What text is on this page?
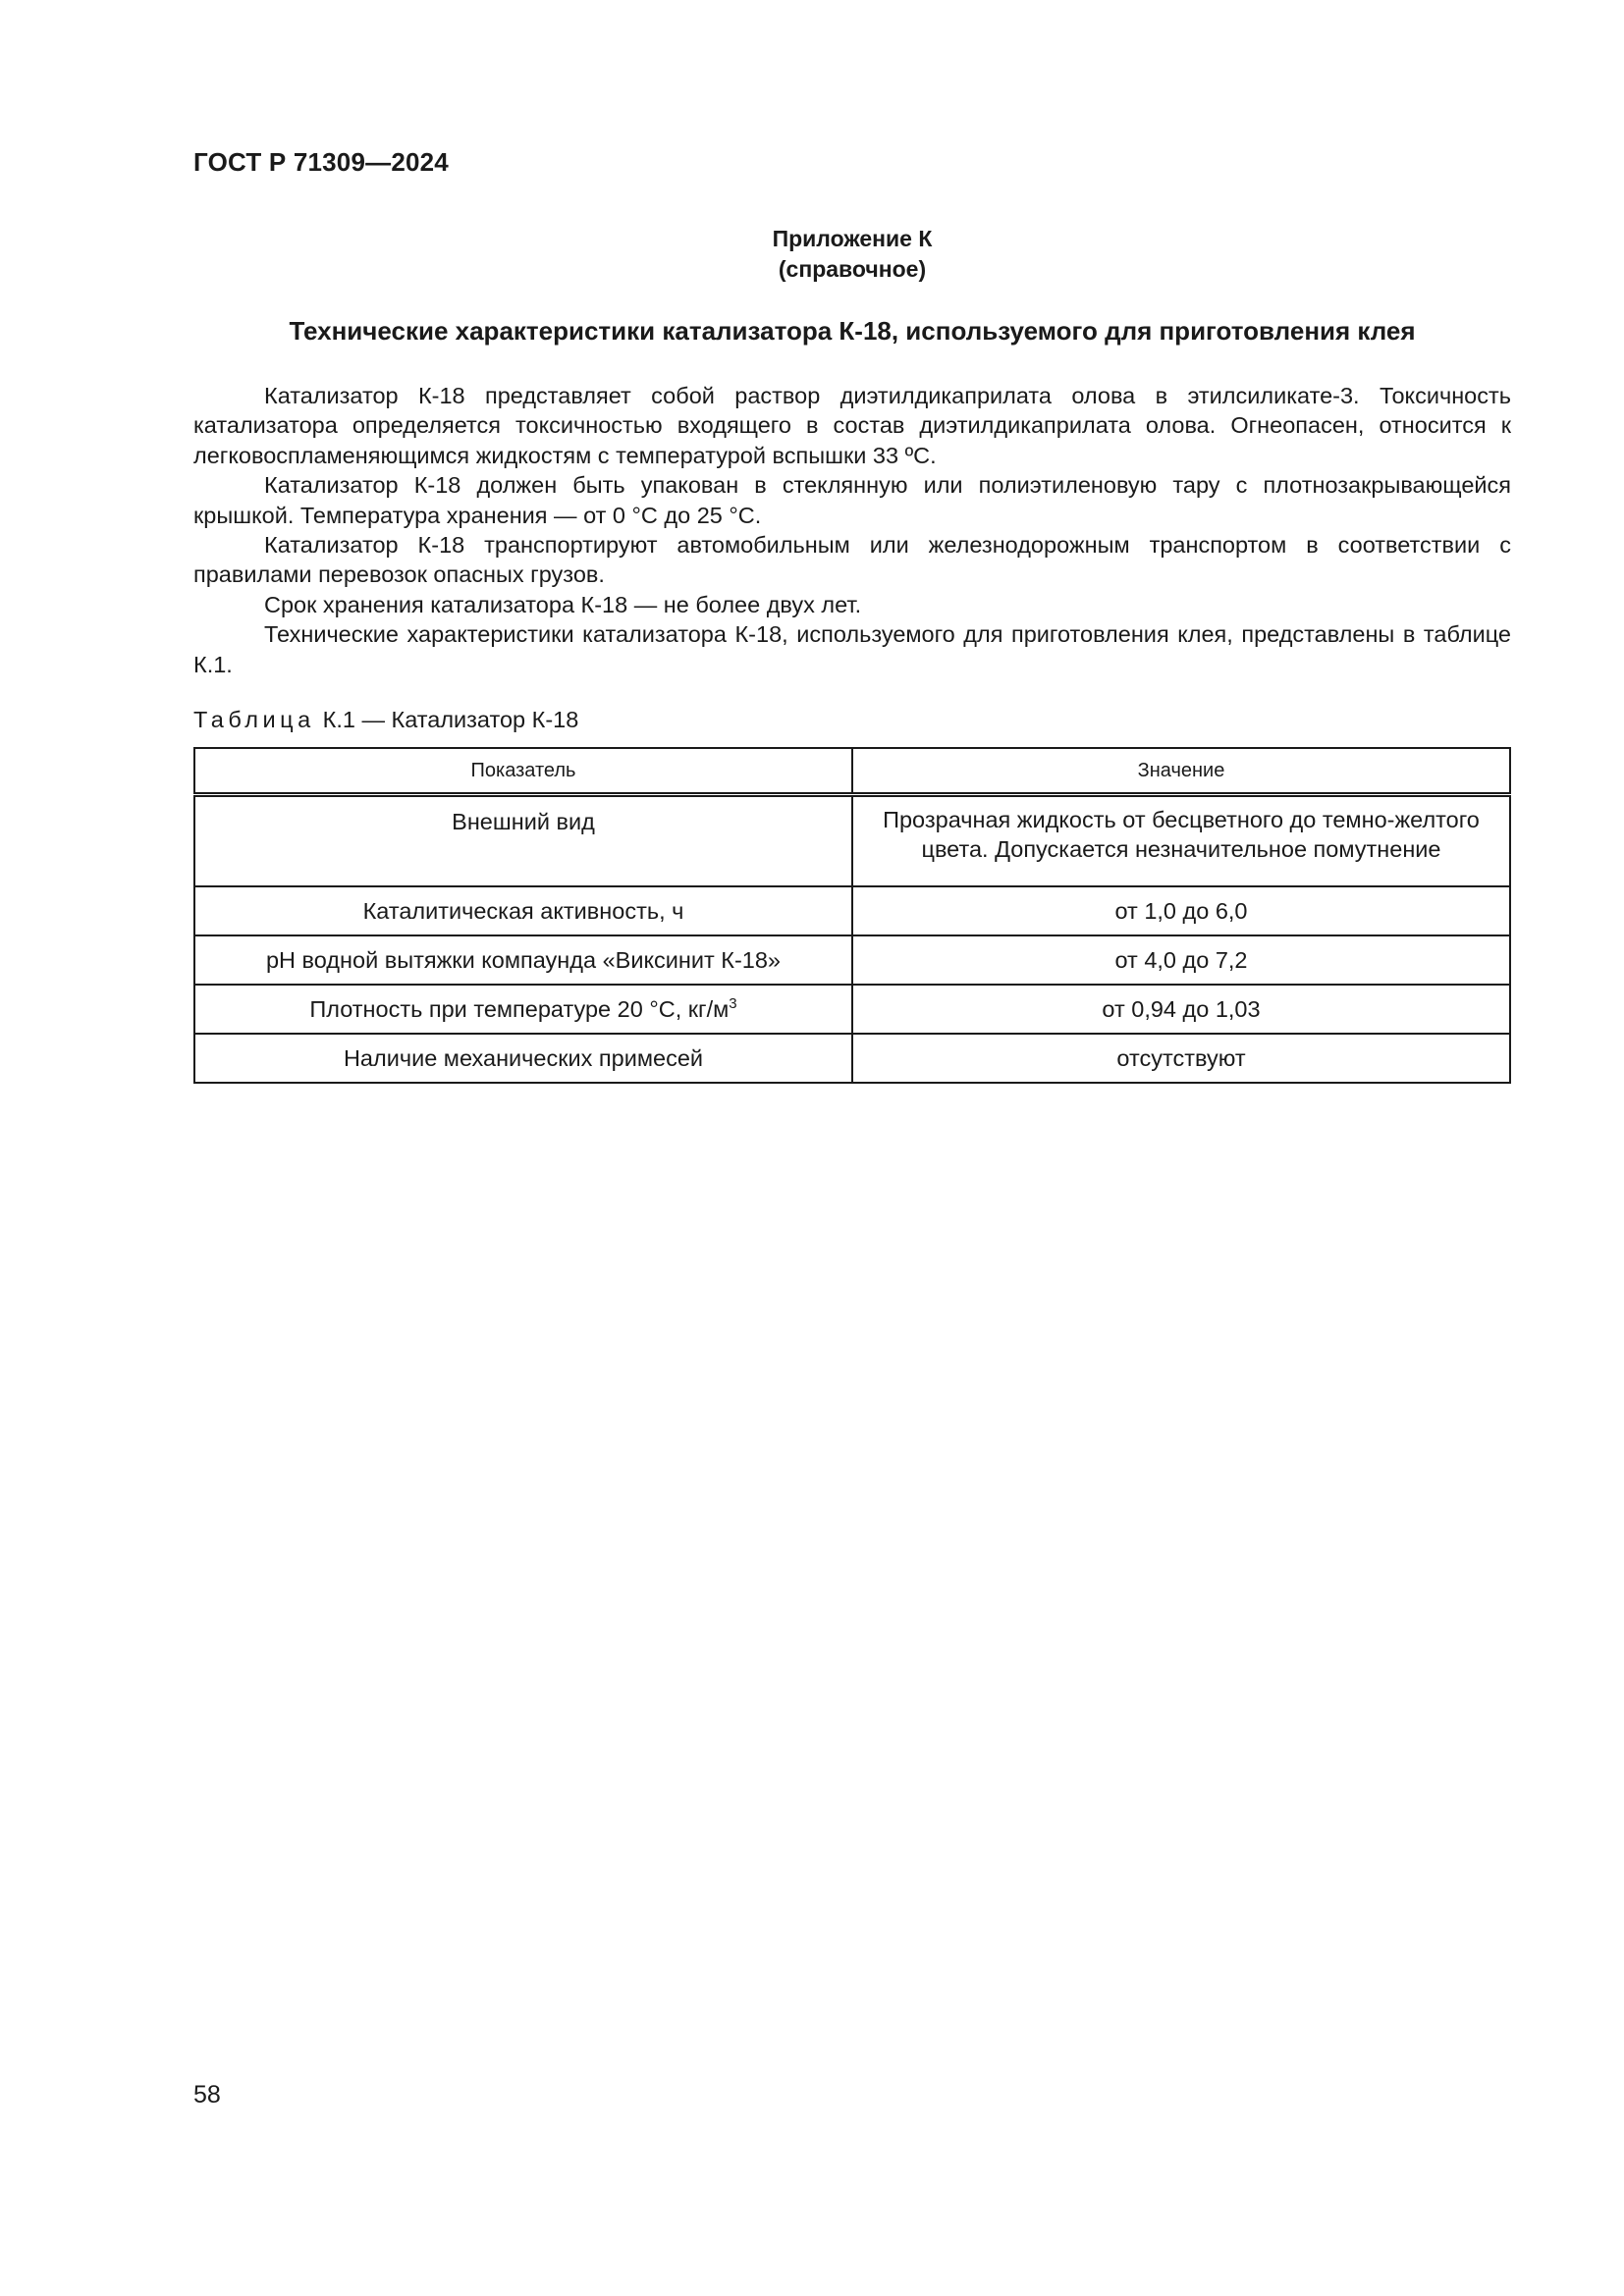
ГОСТ Р 71309—2024
Приложение К
(справочное)
Технические характеристики катализатора К-18, используемого для приготовления клея

Катализатор К-18 представляет собой раствор диэтилдикаприлата олова в этилсиликате-3. Токсичность катализатора определяется токсичностью входящего в состав диэтилдикаприлата олова. Огнеопасен, относится к легковоспламеняющимся жидкостям с температурой вспышки 33 ºC.

Катализатор К-18 должен быть упакован в стеклянную или полиэтиленовую тару с плотнозакрывающейся крышкой. Температура хранения — от 0 °С до 25 °С.

Катализатор К-18 транспортируют автомобильным или железнодорожным транспортом в соответствии с правилами перевозок опасных грузов.

Срок хранения катализатора К-18 — не более двух лет.

Технические характеристики катализатора К-18, используемого для приготовления клея, представлены в таблице К.1.

Таблица К.1 — Катализатор К-18
Показатель	Значение
Внешний вид	Прозрачная жидкость от бесцветного до темно-желтого цвета. Допускается незначительное помутнение
Каталитическая активность, ч	от 1,0 до 6,0
рН водной вытяжки компаунда «Виксинит К-18»	от 4,0 до 7,2
Плотность при температуре 20 °С, $кг/м^3$	от 0,94 до 1,03
Наличие механических примесей	отсутствуют
58
